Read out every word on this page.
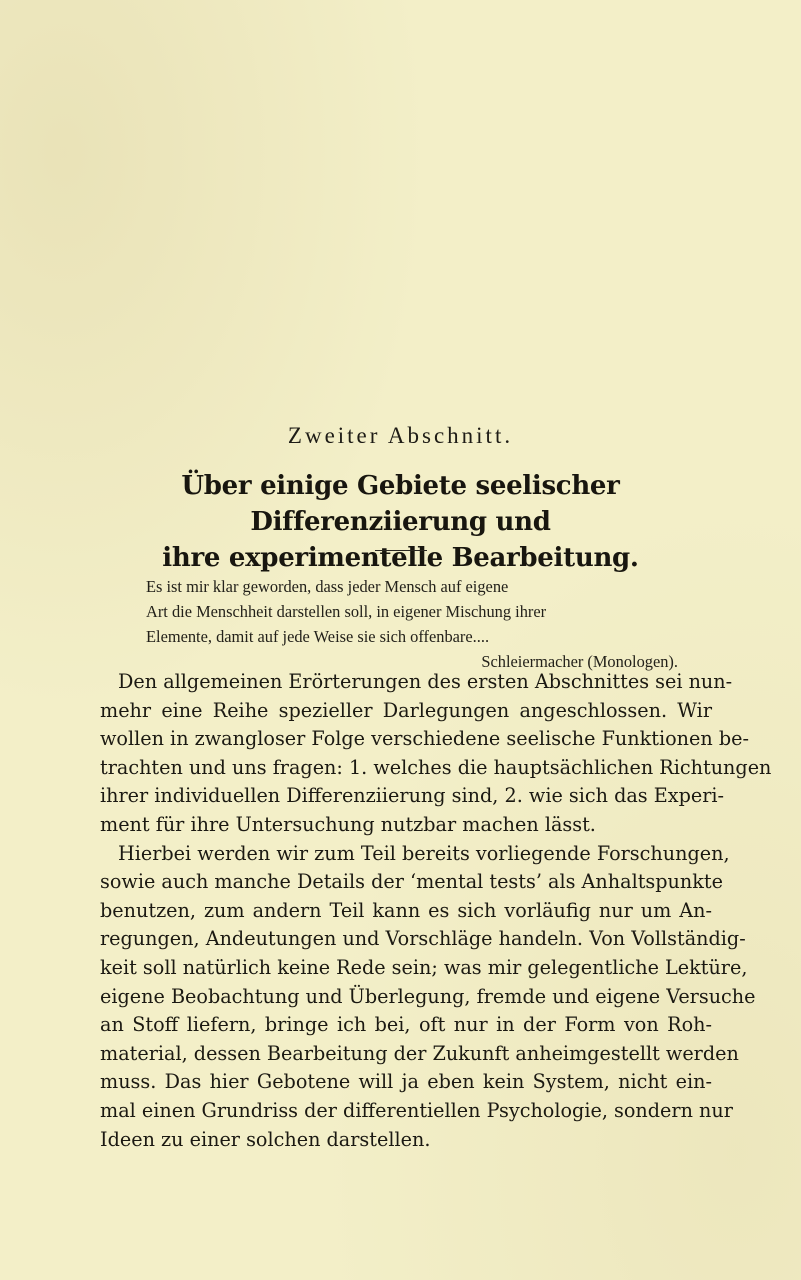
Zweiter Abschnitt.
Über einige Gebiete seelischer Differenziierung und
ihre experimentelle Bearbeitung.
Es ist mir klar geworden, dass jeder Mensch auf eigene
Art die Menschheit darstellen soll, in eigener Mischung ihrer
Elemente, damit auf jede Weise sie sich offenbare....
Schleiermacher (Monologen).
Den allgemeinen Erörterungen des ersten Abschnittes sei nun-
mehr eine Reihe spezieller Darlegungen angeschlossen. Wir
wollen in zwangloser Folge verschiedene seelische Funktionen be-
trachten und uns fragen: 1. welches die hauptsächlichen Richtungen
ihrer individuellen Differenziierung sind, 2. wie sich das Experi-
ment für ihre Untersuchung nutzbar machen lässt.
Hierbei werden wir zum Teil bereits vorliegende Forschungen,
sowie auch manche Details der ‘mental tests’ als Anhaltspunkte
benutzen, zum andern Teil kann es sich vorläufig nur um An-
regungen, Andeutungen und Vorschläge handeln. Von Vollständig-
keit soll natürlich keine Rede sein; was mir gelegentliche Lektüre,
eigene Beobachtung und Überlegung, fremde und eigene Versuche
an Stoff liefern, bringe ich bei, oft nur in der Form von Roh-
material, dessen Bearbeitung der Zukunft anheimgestellt werden
muss. Das hier Gebotene will ja eben kein System, nicht ein-
mal einen Grundriss der differentiellen Psychologie, sondern nur
Ideen zu einer solchen darstellen.
